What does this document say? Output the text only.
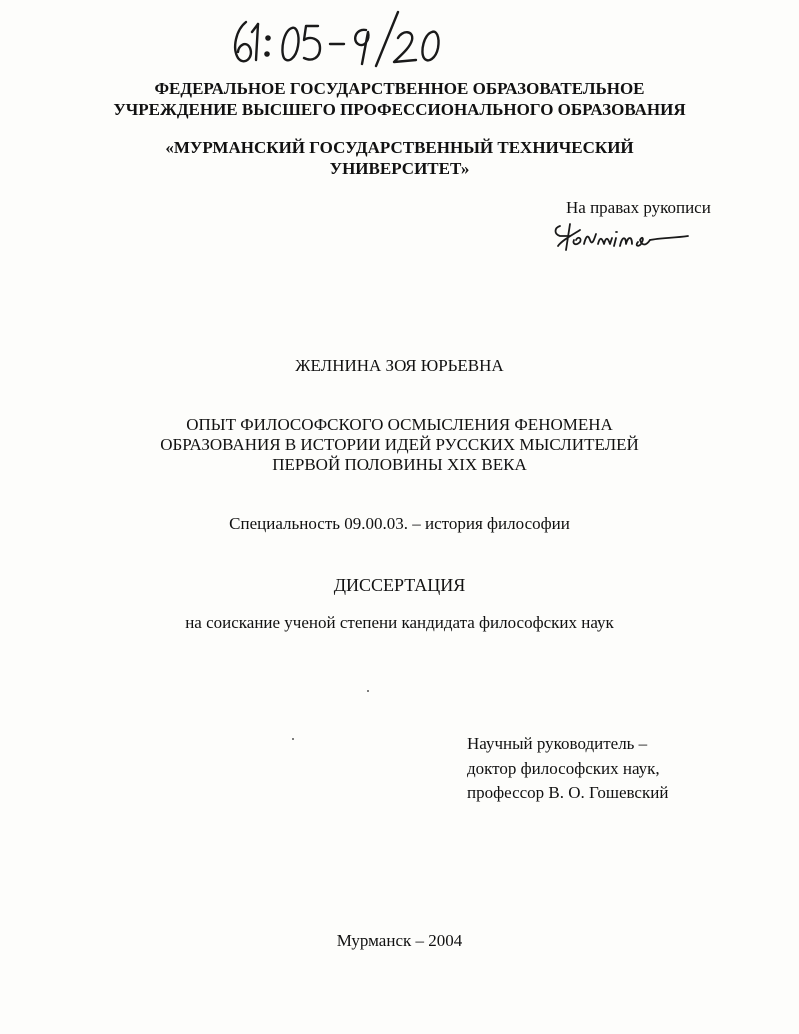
ФЕДЕРАЛЬНОЕ ГОСУДАРСТВЕННОЕ ОБРАЗОВАТЕЛЬНОЕ
УЧРЕЖДЕНИЕ ВЫСШЕГО ПРОФЕССИОНАЛЬНОГО ОБРАЗОВАНИЯ
«МУРМАНСКИЙ ГОСУДАРСТВЕННЫЙ ТЕХНИЧЕСКИЙ
УНИВЕРСИТЕТ»
На правах рукописи
ЖЕЛНИНА ЗОЯ ЮРЬЕВНА
ОПЫТ ФИЛОСОФСКОГО ОСМЫСЛЕНИЯ ФЕНОМЕНА
ОБРАЗОВАНИЯ В ИСТОРИИ ИДЕЙ РУССКИХ МЫСЛИТЕЛЕЙ
ПЕРВОЙ ПОЛОВИНЫ XIX ВЕКА
Специальность 09.00.03. – история философии
ДИССЕРТАЦИЯ
на соискание ученой степени кандидата философских наук
Научный руководитель –
доктор философских наук,
профессор В. О. Гошевский
Мурманск – 2004
